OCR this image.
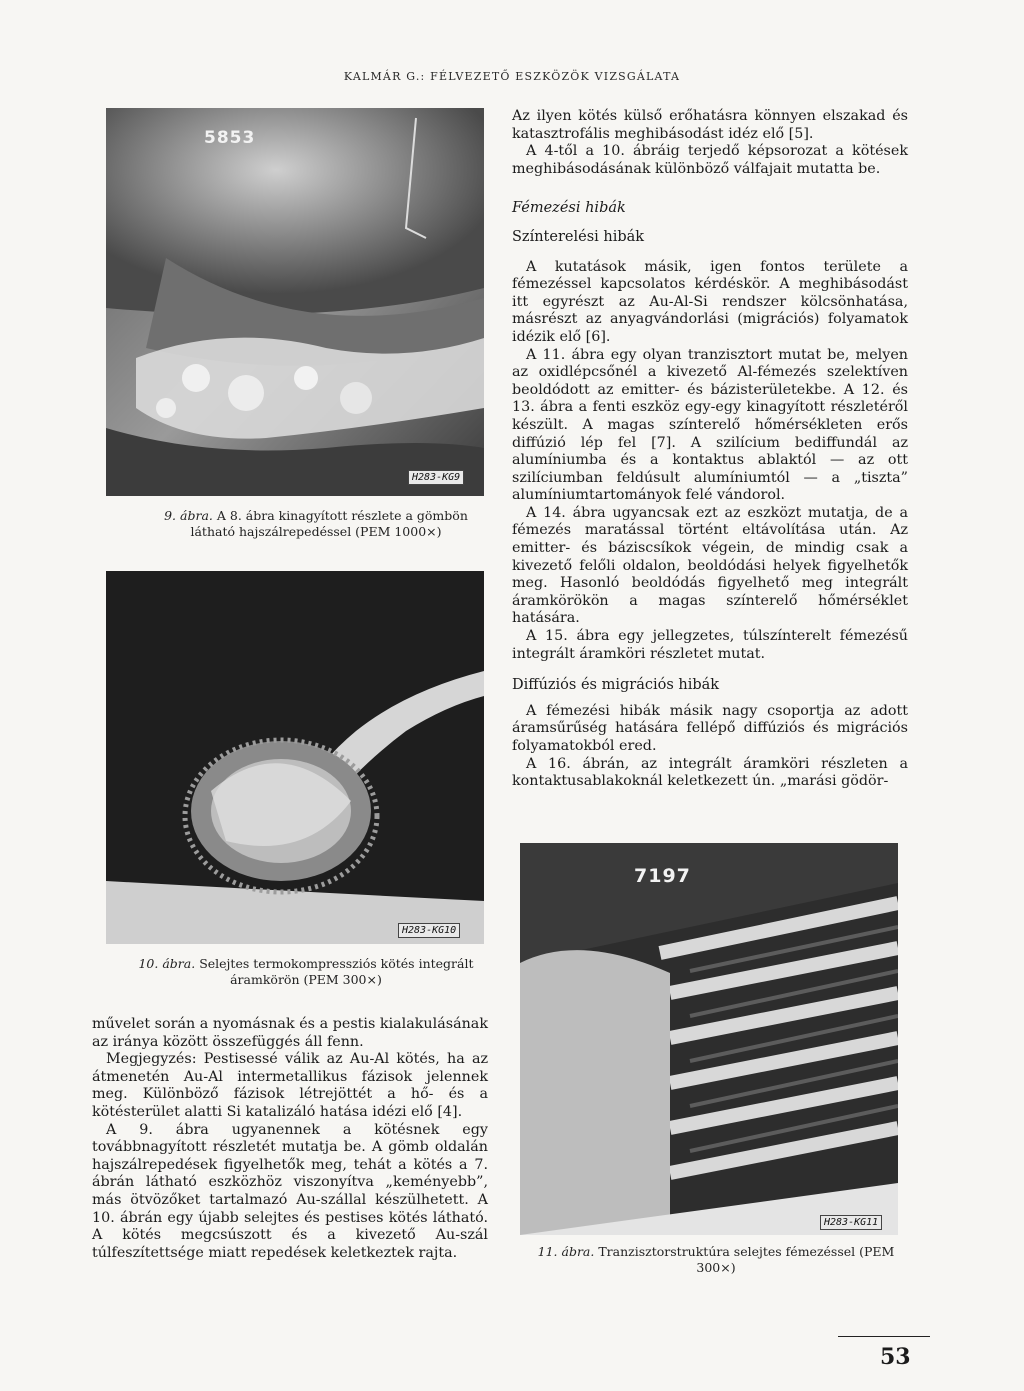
KALMÁR G.: FÉLVEZETŐ ESZKÖZÖK VIZSGÁLATA
5853
H283-KG9
9. ábra. A 8. ábra kinagyított részlete a gömbön látható hajszálrepedéssel (PEM 1000×)
H283-KG10
10. ábra. Selejtes termokompressziós kötés integrált áramkörön (PEM 300×)
7197
H283-KG11
11. ábra. Tranzisztorstruktúra selejtes fémezéssel (PEM 300×)

Az ilyen kötés külső erőhatásra könnyen elszakad és katasztrofális meghibásodást idéz elő [5].

A 4-től a 10. ábráig terjedő képsorozat a kötések meghibásodásának különböző válfajait mutatta be.

Fémezési hibák
Színterelési hibák

A kutatások másik, igen fontos területe a fémezéssel kapcsolatos kérdéskör. A meghibásodást itt egyrészt az Au-Al-Si rendszer kölcsönhatása, másrészt az anyagvándorlási (migrációs) folyamatok idézik elő [6].

A 11. ábra egy olyan tranzisztort mutat be, melyen az oxidlépcsőnél a kivezető Al-fémezés szelektíven beoldódott az emitter- és bázisterületekbe. A 12. és 13. ábra a fenti eszköz egy-egy kinagyított részletéről készült. A magas színterelő hőmérsékleten erős diffúzió lép fel [7]. A szilícium bediffundál az alumíniumba és a kontaktus ablaktól — az ott szilíciumban feldúsult alumíniumtól — a „tiszta” alumíniumtartományok felé vándorol.

A 14. ábra ugyancsak ezt az eszközt mutatja, de a fémezés maratással történt eltávolítása után. Az emitter- és báziscsíkok végein, de mindig csak a kivezető felőli oldalon, beoldódási helyek figyelhetők meg. Hasonló beoldódás figyelhető meg integrált áramkörökön a magas színterelő hőmérséklet hatására.

A 15. ábra egy jellegzetes, túlszínterelt fémezésű integrált áramköri részletet mutat.

Diffúziós és migrációs hibák

A fémezési hibák másik nagy csoportja az adott áramsűrűség hatására fellépő diffúziós és migrációs folyamatokból ered.

A 16. ábrán, az integrált áramköri részleten a kontaktusablakoknál keletkezett ún. „marási gödör-

művelet során a nyomásnak és a pestis kialakulásának az iránya között összefüggés áll fenn.

Megjegyzés: Pestisessé válik az Au-Al kötés, ha az átmenetén Au-Al intermetallikus fázisok jelennek meg. Különböző fázisok létrejöttét a hő- és a kötésterület alatti Si katalizáló hatása idézi elő [4].

A 9. ábra ugyanennek a kötésnek egy továbbnagyított részletét mutatja be. A gömb oldalán hajszálrepedések figyelhetők meg, tehát a kötés a 7. ábrán látható eszközhöz viszonyítva „keményebb”, más ötvözőket tartalmazó Au-szállal készülhetett. A 10. ábrán egy újabb selejtes és pestises kötés látható. A kötés megcsúszott és a kivezető Au-szál túlfeszítettsége miatt repedések keletkeztek rajta.

53
